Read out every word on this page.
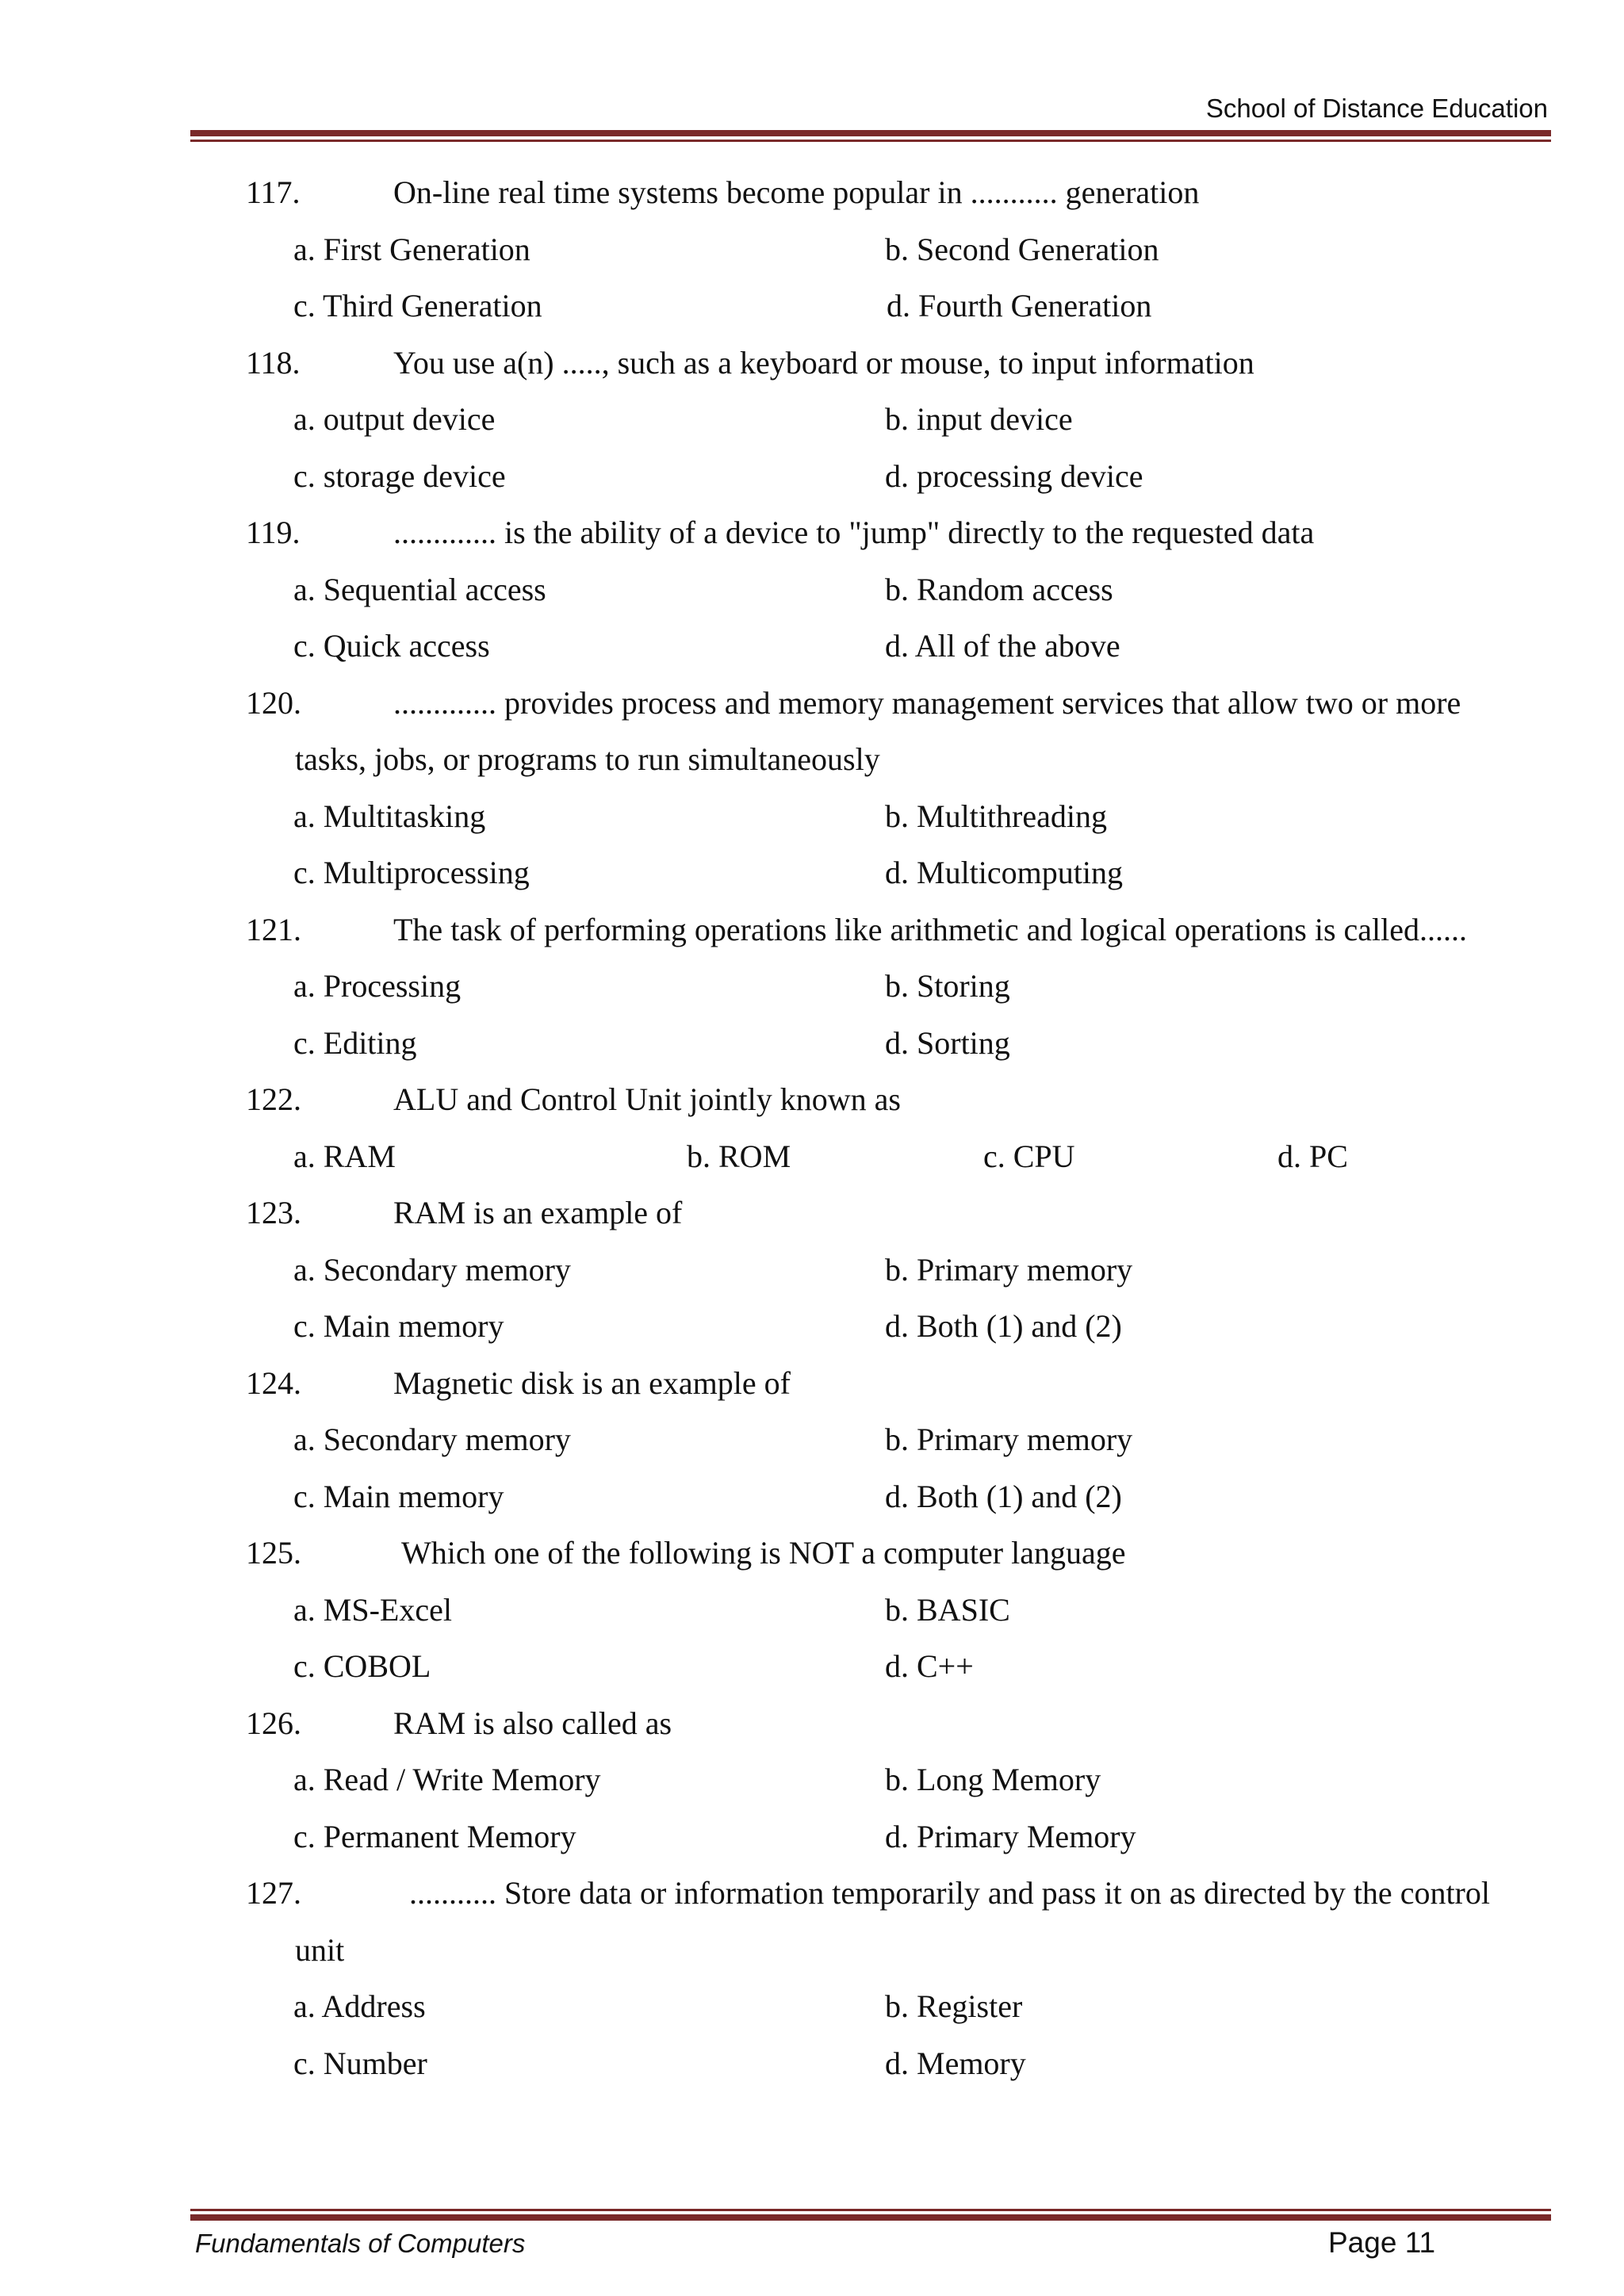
School of Distance Education
117.	On-line real time systems become popular in ........... generation
a. First Generation	b. Second Generation
c. Third Generation	d. Fourth Generation
118.	You use a(n) ....., such as a keyboard or mouse, to input information
a. output device	b. input device
c. storage device	d. processing device
119.	............. is the ability of a device to "jump" directly to the requested data
a. Sequential access	b. Random access
c. Quick access	d. All of the above
120.	............. provides process and memory management services that allow two or more
tasks, jobs, or programs to run simultaneously
a. Multitasking	b. Multithreading
c. Multiprocessing	d. Multicomputing
121.	The task of performing operations like arithmetic and logical operations is called......
a. Processing	b. Storing
c. Editing	d. Sorting
122.	ALU and Control Unit jointly known as
a. RAM	b. ROM	c. CPU	d. PC
123.	RAM is an example of
a. Secondary memory	b. Primary memory
c. Main memory	d. Both (1) and (2)
124.	Magnetic disk is an example of
a. Secondary memory	b. Primary memory
c. Main memory	d. Both (1) and (2)
125.	Which one of the following is NOT a computer language
a. MS-Excel	b. BASIC
c. COBOL	d. C++
126.	RAM is also called as
a. Read / Write Memory	b. Long Memory
c. Permanent Memory	d. Primary Memory
127.	........... Store data or information temporarily and pass it on as directed by the control
unit
a. Address	b. Register
c. Number	d. Memory
Fundamentals of Computers	Page 11
